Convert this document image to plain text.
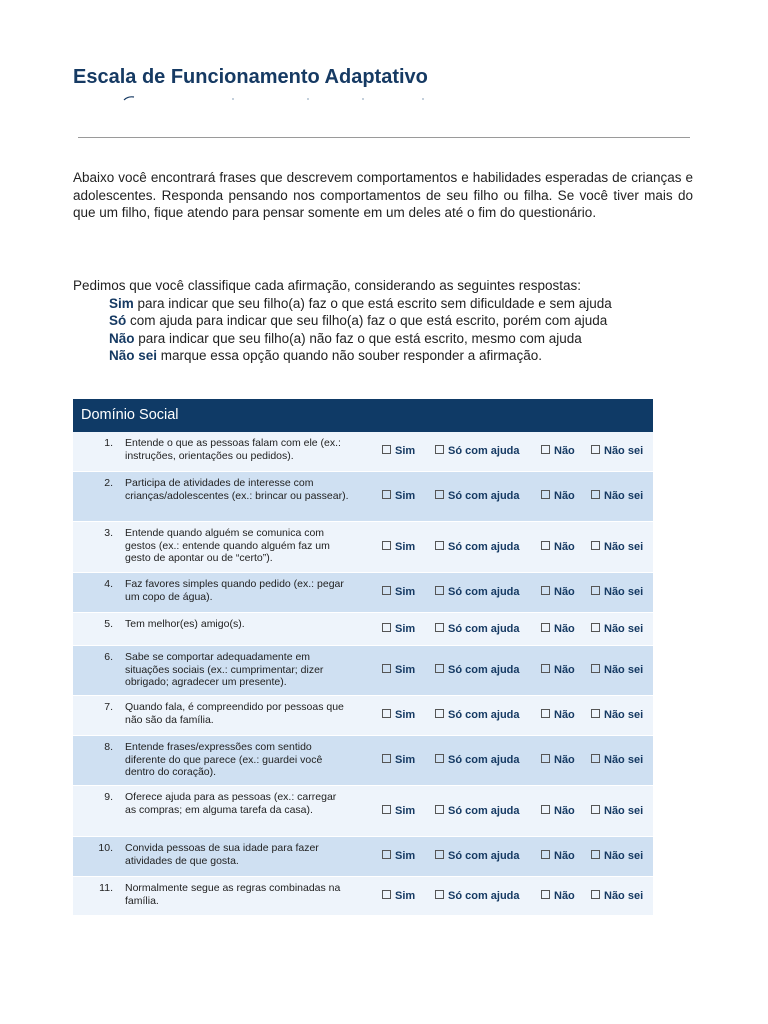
Escala de Funcionamento Adaptativo

Abaixo você encontrará frases que descrevem comportamentos e habilidades esperadas de crianças e adolescentes. Responda pensando nos comportamentos de seu filho ou filha. Se você tiver mais do que um filho, fique atendo para pensar somente em um deles até o fim do questionário.

Pedimos que você classifique cada afirmação, considerando as seguintes respostas:
Sim para indicar que seu filho(a) faz o que está escrito sem dificuldade e sem ajuda
Só com ajuda para indicar que seu filho(a) faz o que está escrito, porém com ajuda
Não para indicar que seu filho(a) não faz o que está escrito, mesmo com ajuda
Não sei marque essa opção quando não souber responder a afirmação.
Domínio Social
1. Entende o que as pessoas falam com ele (ex.: instruções, orientações ou pedidos).	Sim	Só com ajuda	Não	Não sei
2. Participa de atividades de interesse com crianças/adolescentes (ex.: brincar ou passear).	Sim	Só com ajuda	Não	Não sei
3. Entende quando alguém se comunica com gestos (ex.: entende quando alguém faz um gesto de apontar ou de “certo”).
Sim	Só com ajuda	Não	Não sei
4. Faz favores simples quando pedido (ex.: pegar um copo de água).	Sim	Só com ajuda	Não	Não sei
5. Tem melhor(es) amigo(s).	Sim	Só com ajuda	Não	Não sei
6. Sabe se comportar adequadamente em situações sociais (ex.: cumprimentar; dizer obrigado; agradecer um presente).
Sim	Só com ajuda	Não	Não sei
7. Quando fala, é compreendido por pessoas que não são da família.	Sim	Só com ajuda	Não	Não sei
8. Entende frases/expressões com sentido diferente do que parece (ex.: guardei você dentro do coração).
Sim	Só com ajuda	Não	Não sei
9. Oferece ajuda para as pessoas (ex.: carregar as compras; em alguma tarefa da casa).	Sim	Só com ajuda	Não	Não sei
10. Convida pessoas de sua idade para fazer atividades de que gosta.	Sim	Só com ajuda	Não	Não sei
11. Normalmente segue as regras combinadas na família.	Sim	Só com ajuda	Não	Não sei
